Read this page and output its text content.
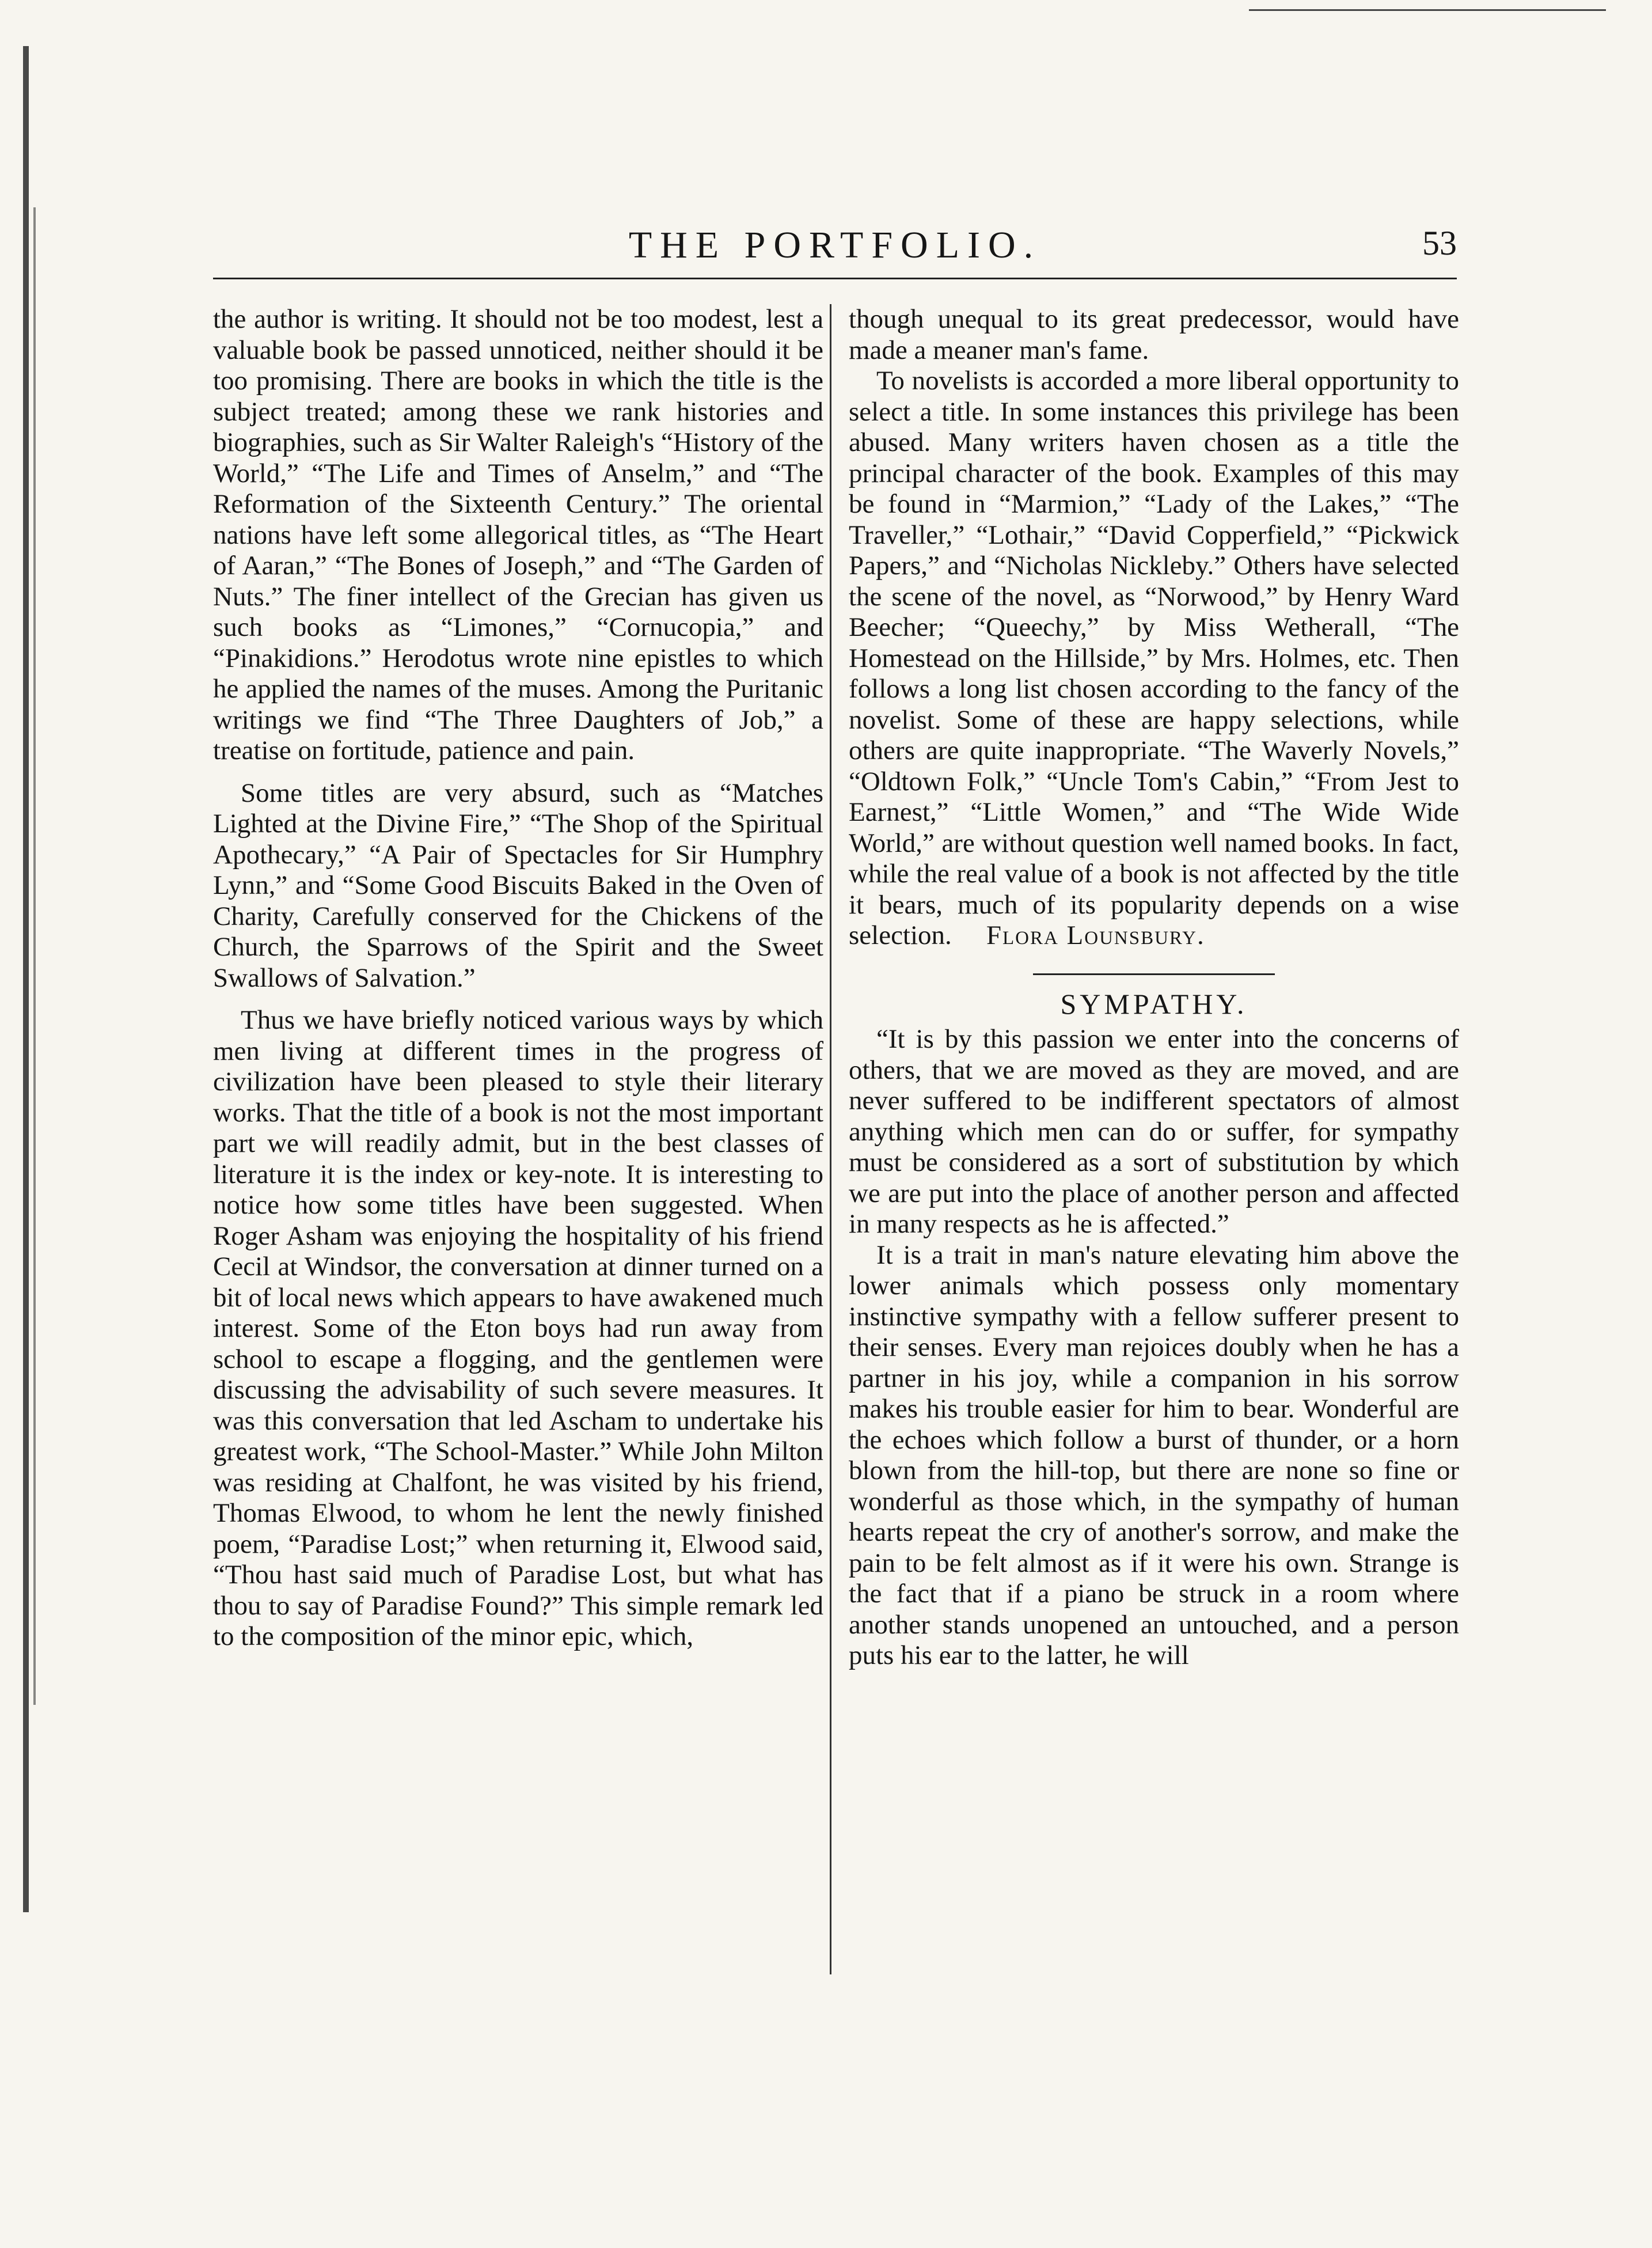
THE PORTFOLIO.	53

the author is writing. It should not be too modest, lest a valuable book be passed unnoticed, neither should it be too promising. There are books in which the title is the subject treated; among these we rank histories and biographies, such as Sir Walter Raleigh's “History of the World,” “The Life and Times of Anselm,” and “The Reformation of the Sixteenth Century.” The oriental nations have left some allegorical titles, as “The Heart of Aaran,” “The Bones of Joseph,” and “The Garden of Nuts.” The finer intellect of the Grecian has given us such books as “Limones,” “Cornucopia,” and “Pinakidions.” Herodotus wrote nine epistles to which he applied the names of the muses. Among the Puritanic writings we find “The Three Daughters of Job,” a treatise on fortitude, patience and pain.

Some titles are very absurd, such as “Matches Lighted at the Divine Fire,” “The Shop of the Spiritual Apothecary,” “A Pair of Spectacles for Sir Humphry Lynn,” and “Some Good Biscuits Baked in the Oven of Charity, Carefully conserved for the Chickens of the Church, the Sparrows of the Spirit and the Sweet Swallows of Salvation.”

Thus we have briefly noticed various ways by which men living at different times in the progress of civilization have been pleased to style their literary works. That the title of a book is not the most important part we will readily admit, but in the best classes of literature it is the index or key-note. It is interesting to notice how some titles have been suggested. When Roger Asham was enjoying the hospitality of his friend Cecil at Windsor, the conversation at dinner turned on a bit of local news which appears to have awakened much interest. Some of the Eton boys had run away from school to escape a flogging, and the gentlemen were discussing the advisability of such severe measures. It was this conversation that led Ascham to undertake his greatest work, “The School-Master.” While John Milton was residing at Chalfont, he was visited by his friend, Thomas Elwood, to whom he lent the newly finished poem, “Paradise Lost;” when returning it, Elwood said, “Thou hast said much of Paradise Lost, but what has thou to say of Paradise Found?” This simple remark led to the composition of the minor epic, which,

though unequal to its great predecessor, would have made a meaner man's fame.

To novelists is accorded a more liberal opportunity to select a title. In some instances this privilege has been abused. Many writers haven chosen as a title the principal character of the book. Examples of this may be found in “Marmion,” “Lady of the Lakes,” “The Traveller,” “Lothair,” “David Copperfield,” “Pickwick Papers,” and “Nicholas Nickleby.” Others have selected the scene of the novel, as “Norwood,” by Henry Ward Beecher; “Queechy,” by Miss Wetherall, “The Homestead on the Hillside,” by Mrs. Holmes, etc. Then follows a long list chosen according to the fancy of the novelist. Some of these are happy selections, while others are quite inappropriate. “The Waverly Novels,” “Oldtown Folk,” “Uncle Tom's Cabin,” “From Jest to Earnest,” “Little Women,” and “The Wide Wide World,” are without question well named books. In fact, while the real value of a book is not affected by the title it bears, much of its popularity depends on a wise selection. Flora Lounsbury.

SYMPATHY.

“It is by this passion we enter into the concerns of others, that we are moved as they are moved, and are never suffered to be indifferent spectators of almost anything which men can do or suffer, for sympathy must be considered as a sort of substitution by which we are put into the place of another person and affected in many respects as he is affected.”

It is a trait in man's nature elevating him above the lower animals which possess only momentary instinctive sympathy with a fellow sufferer present to their senses. Every man rejoices doubly when he has a partner in his joy, while a companion in his sorrow makes his trouble easier for him to bear. Wonderful are the echoes which follow a burst of thunder, or a horn blown from the hill-top, but there are none so fine or wonderful as those which, in the sympathy of human hearts repeat the cry of another's sorrow, and make the pain to be felt almost as if it were his own. Strange is the fact that if a piano be struck in a room where another stands unopened an untouched, and a person puts his ear to the latter, he will
